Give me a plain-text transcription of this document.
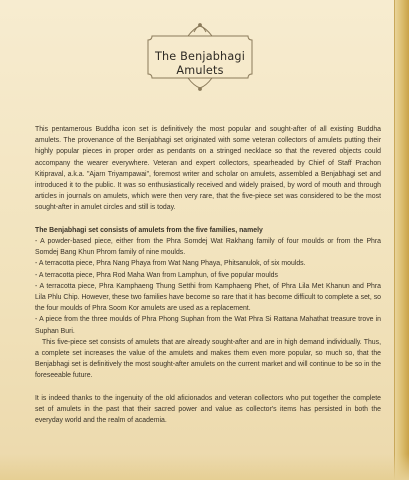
The Benjabhagi
Amulets

This pentamerous Buddha icon set is definitively the most popular and sought-after of all existing Buddha amulets. The provenance of the Benjabhagi set originated with some veteran collectors of amulets putting their highly popular pieces in proper order as pendants on a stringed necklace so that the revered objects could accompany the wearer everywhere. Veteran and expert collectors, spearheaded by Chief of Staff Prachon Kitipraval, a.k.a. "Ajarn Triyampawai", foremost writer and scholar on amulets, assembled a Benjabhagi set and introduced it to the public. It was so enthusiastically received and widely praised, by word of mouth and through articles in journals on amulets, which were then very rare, that the five-piece set was considered to be the most sought-after in amulet circles and still is today.

The Benjabhagi set consists of amulets from the five families, namely

- A powder-based piece, either from the Phra Somdej Wat Rakhang family of four moulds or from the Phra Somdej Bang Khun Phrom family of nine moulds.

- A terracotta piece, Phra Nang Phaya from Wat Nang Phaya, Phitsanulok, of six moulds.

- A terracotta piece, Phra Rod Maha Wan from Lamphun, of five popular moulds

- A terracotta piece, Phra Kamphaeng Thung Setthi from Kamphaeng Phet, of Phra Lila Met Khanun and Phra Lila Phlu Chip. However, these two families have become so rare that it has become difficult to complete a set, so the four moulds of Phra Soom Kor amulets are used as a replacement.

- A piece from the three moulds of Phra Phong Suphan from the Wat Phra Si Rattana Mahathat treasure trove in Suphan Buri.

This five-piece set consists of amulets that are already sought-after and are in high demand individually. Thus, a complete set increases the value of the amulets and makes them even more popular, so much so, that the Benjabhagi set is definitively the most sought-after amulets on the current market and will continue to be so in the foreseeable future.

It is indeed thanks to the ingenuity of the old aficionados and veteran collectors who put together the complete set of amulets in the past that their sacred power and value as collector's items has persisted in both the everyday world and the realm of academia.
